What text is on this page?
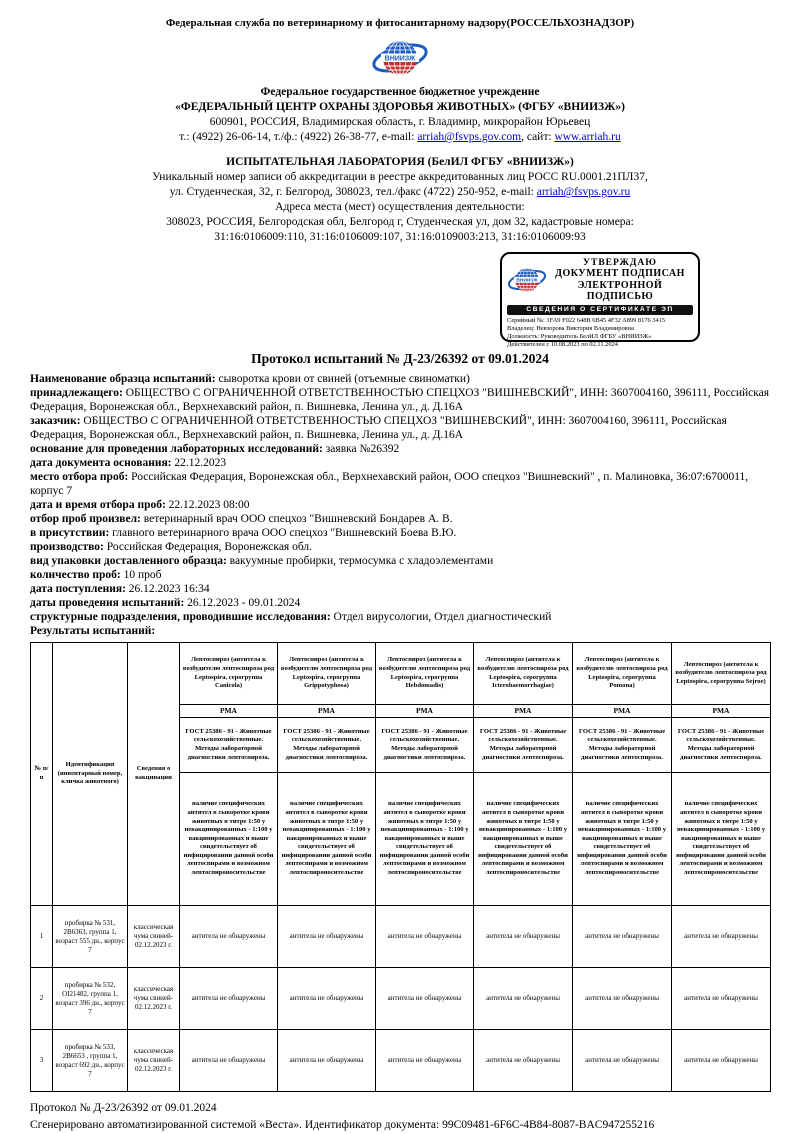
Федеральная служба по ветеринарному и фитосанитарному надзору(РОССЕЛЬХОЗНАДЗОР)
Федеральное государственное бюджетное учреждение
«ФЕДЕРАЛЬНЫЙ ЦЕНТР ОХРАНЫ ЗДОРОВЬЯ ЖИВОТНЫХ» (ФГБУ «ВНИИЗЖ»)
600901, РОССИЯ, Владимирская область, г. Владимир, микрорайон Юрьевец
т.: (4922) 26-06-14, т./ф.: (4922) 26-38-77, e-mail: arriah@fsvps.gov.com, сайт: www.arriah.ru
ИСПЫТАТЕЛЬНАЯ ЛАБОРАТОРИЯ (БелИЛ ФГБУ «ВНИИЗЖ»)
Уникальный номер записи об аккредитации в реестре аккредитованных лиц РОСС RU.0001.21ПЛ37,
ул. Студенческая, 32, г. Белгород, 308023, тел./факс (4722) 250-952, e-mail: arriah@fsvps.gov.ru
Адреса места (мест) осуществления деятельности:
308023, РОССИЯ, Белгородская обл, Белгород г, Студенческая ул, дом 32, кадастровые номера:
31:16:0106009:110, 31:16:0106009:107, 31:16:0109003:213, 31:16:0106009:93
УТВЕРЖДАЮ
ДОКУМЕНТ ПОДПИСАН
ЭЛЕКТРОННОЙ ПОДПИСЬЮ
СВЕДЕНИЯ О СЕРТИФИКАТЕ ЭП
Серийный №: 1FA9 F022 648B 6B45 4F32 A899 8176 3415
Владелец: Невзорова Виктория Владимировна
Должность: Руководитель БелИЛ ФГБУ «ВНИИЗЖ»
Действителен с 10.08.2023 по 02.11.2024
Протокол испытаний № Д-23/26392 от 09.01.2024

Наименование образца испытаний: сыворотка крови от свиней (отъемные свиноматки)

принадлежащего: ОБЩЕСТВО С ОГРАНИЧЕННОЙ ОТВЕТСТВЕННОСТЬЮ СПЕЦХОЗ "ВИШНЕВСКИЙ", ИНН: 3607004160, 396111, Российская Федерация, Воронежская обл., Верхнехавский район, п. Вишневка, Ленина ул., д. Д.16А

заказчик: ОБЩЕСТВО С ОГРАНИЧЕННОЙ ОТВЕТСТВЕННОСТЬЮ СПЕЦХОЗ "ВИШНЕВСКИЙ", ИНН: 3607004160, 396111, Российская Федерация, Воронежская обл., Верхнехавский район, п. Вишневка, Ленина ул., д. Д.16А

основание для проведения лабораторных исследований: заявка №26392

дата документа основания: 22.12.2023

место отбора проб: Российская Федерация, Воронежская обл., Верхнехавский район, ООО спецхоз "Вишневский" , п. Малиновка, 36:07:6700011, корпус 7

дата и время отбора проб: 22.12.2023 08:00

отбор проб произвел: ветеринарный врач ООО спецхоз "Вишневский Бондарев А. В.

в присутствии: главного ветеринарного врача ООО спецхоз "Вишневский Боева В.Ю.

производство: Российская Федерация, Воронежская обл.

вид упаковки доставленного образца: вакуумные пробирки, термосумка с хладоэлементами

количество проб: 10 проб

дата поступления: 26.12.2023 16:34

даты проведения испытаний: 26.12.2023 - 09.01.2024

структурные подразделения, проводившие исследования: Отдел вирусологии, Отдел диагностический

Результаты испытаний:
№ п/п	Идентификация (инвентарный номер, кличка животного)	Сведения о вакцинации	Лептоспироз (антитела к возбудителю лептоспироза род Leptospira, серогруппа Canicola)	Лептоспироз (антитела к возбудителю лептоспироза род Leptospira, серогруппа Grippotyphosa)	Лептоспироз (антитела к возбудителю лептоспироза род Leptospira, серогруппа Hebdomadis)	Лептоспироз (антитела к возбудителю лептоспироза род Leptospira, серогруппа Icterohaemorrhagiae)	Лептоспироз (антитела к возбудителю лептоспироза род Leptospira, серогруппа Pomona)	Лептоспироз (антитела к возбудителю лептоспироза род Leptospira, серогруппа Sejroe)
			РМА	РМА	РМА	РМА	РМА	РМА
			ГОСТ 25386 - 91 - Животные сельскохозяйственные. Методы лабораторной диагностики лептоспироза.	ГОСТ 25386 - 91 - Животные сельскохозяйственные. Методы лабораторной диагностики лептоспироза.	ГОСТ 25386 - 91 - Животные сельскохозяйственные. Методы лабораторной диагностики лептоспироза.	ГОСТ 25386 - 91 - Животные сельскохозяйственные. Методы лабораторной диагностики лептоспироза.	ГОСТ 25386 - 91 - Животные сельскохозяйственные. Методы лабораторной диагностики лептоспироза.	ГОСТ 25386 - 91 - Животные сельскохозяйственные. Методы лабораторной диагностики лептоспироза.
наличие специфических антител в сыворотке крови животных в титре 1:50 у невакцинированных - 1:100 у вакцинированных и выше свидетельствует об инфицировании данной особи лептоспирами и возможном лептоспироносительстве	наличие специфических антител в сыворотке крови животных в титре 1:50 у невакцинированных - 1:100 у вакцинированных и выше свидетельствует об инфицировании данной особи лептоспирами и возможном лептоспироносительстве	наличие специфических антител в сыворотке крови животных в титре 1:50 у невакцинированных - 1:100 у вакцинированных и выше свидетельствует об инфицировании данной особи лептоспирами и возможном лептоспироносительстве	наличие специфических антител в сыворотке крови животных в титре 1:50 у невакцинированных - 1:100 у вакцинированных и выше свидетельствует об инфицировании данной особи лептоспирами и возможном лептоспироносительстве	наличие специфических антител в сыворотке крови животных в титре 1:50 у невакцинированных - 1:100 у вакцинированных и выше свидетельствует об инфицировании данной особи лептоспирами и возможном лептоспироносительстве	наличие специфических антител в сыворотке крови животных в титре 1:50 у невакцинированных - 1:100 у вакцинированных и выше свидетельствует об инфицировании данной особи лептоспирами и возможном лептоспироносительстве
1	пробирка № 531, 2В6363, группа 1, возраст 555 дн., корпус 7	классическая чума свиней- 02.12.2023 г.	антитела не обнаружены	антитела не обнаружены	антитела не обнаружены	антитела не обнаружены	антитела не обнаружены	антитела не обнаружены
2	пробирка № 532, ОI21482, группа 1, возраст 396 дн., корпус 7	классическая чума свиней- 02.12.2023 г.	антитела не обнаружены	антитела не обнаружены	антитела не обнаружены	антитела не обнаружены	антитела не обнаружены	антитела не обнаружены
3	пробирка № 533, 2В6653 , группа 1, возраст 692 дн., корпус 7	классическая чума свиней- 02.12.2023 г.	антитела не обнаружены	антитела не обнаружены	антитела не обнаружены	антитела не обнаружены	антитела не обнаружены	антитела не обнаружены

Протокол № Д-23/26392 от 09.01.2024

Сгенерировано автоматизированной системой «Веста». Идентификатор документа: 99C09481-6F6C-4B84-8087-BAC947255216
